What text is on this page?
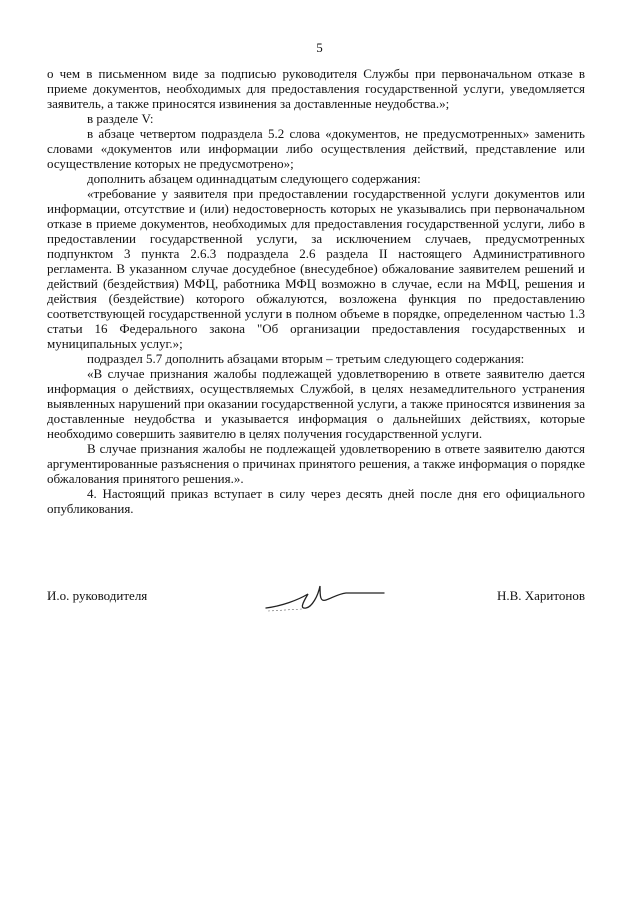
5

о чем в письменном виде за подписью руководителя Службы при первоначальном отказе в приеме документов, необходимых для предоставления государственной услуги, уведомляется заявитель, а также приносятся извинения за доставленные неудобства.»;

в разделе V:

в абзаце четвертом подраздела 5.2 слова «документов, не предусмотренных» заменить словами «документов или информации либо осуществления действий, представление или осуществление которых не предусмотрено»;

дополнить абзацем одиннадцатым следующего содержания:

«требование у заявителя при предоставлении государственной услуги документов или информации, отсутствие и (или) недостоверность которых не указывались при первоначальном отказе в приеме документов, необходимых для предоставления государственной услуги, либо в предоставлении государственной услуги, за исключением случаев, предусмотренных подпунктом 3 пункта 2.6.3 подраздела 2.6 раздела II настоящего Административного регламента. В указанном случае досудебное (внесудебное) обжалование заявителем решений и действий (бездействия) МФЦ, работника МФЦ возможно в случае, если на МФЦ, решения и действия (бездействие) которого обжалуются, возложена функция по предоставлению соответствующей государственной услуги в полном объеме в порядке, определенном частью 1.3 статьи 16 Федерального закона "Об организации предоставления государственных и муниципальных услуг.»;

подраздел 5.7 дополнить абзацами вторым – третьим следующего содержания:

«В случае признания жалобы подлежащей удовлетворению в ответе заявителю дается информация о действиях, осуществляемых Службой, в целях незамедлительного устранения выявленных нарушений при оказании государственной услуги, а также приносятся извинения за доставленные неудобства и указывается информация о дальнейших действиях, которые необходимо совершить заявителю в целях получения государственной услуги.

В случае признания жалобы не подлежащей удовлетворению в ответе заявителю даются аргументированные разъяснения о причинах принятого решения, а также информация о порядке обжалования принятого решения.».

4. Настоящий приказ вступает в силу через десять дней после дня его официального опубликования.

И.о. руководителя	Н.В. Харитонов
